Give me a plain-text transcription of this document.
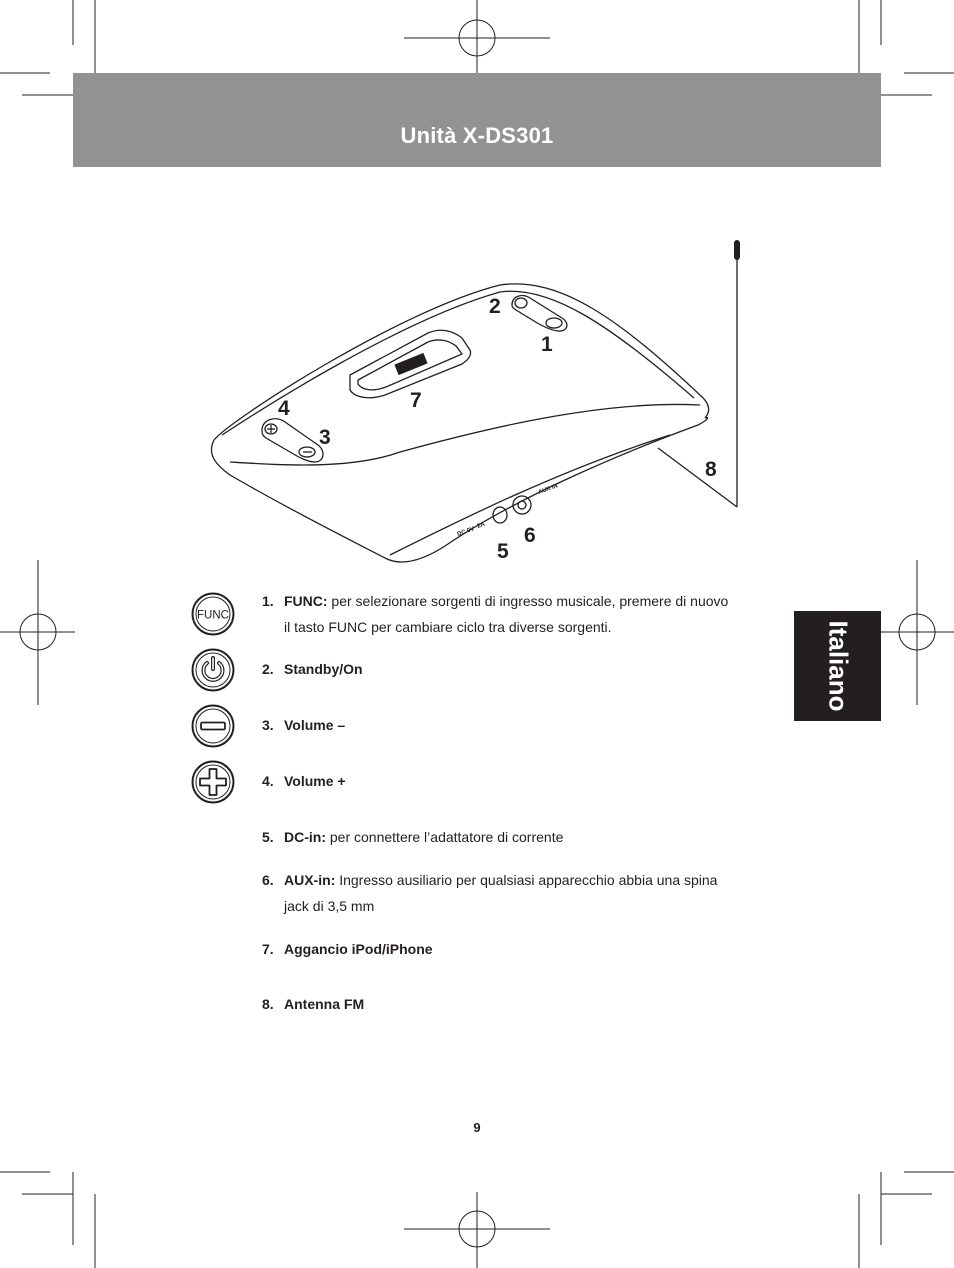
Unità X-DS301
Italiano
AUX IN
DC 9V
2A
1
2
3
4
5
6
7
8
FUNC
1. FUNC: per selezionare sorgenti di ingresso musicale, premere di nuovo
il tasto FUNC per cambiare ciclo tra diverse sorgenti.
2. Standby/On
3. Volume –
4. Volume +
5. DC-in: per connettere l’adattatore di corrente
6. AUX-in: Ingresso ausiliario per qualsiasi apparecchio abbia una spina
jack di 3,5 mm
7. Aggancio iPod/iPhone
8. Antenna FM
9
